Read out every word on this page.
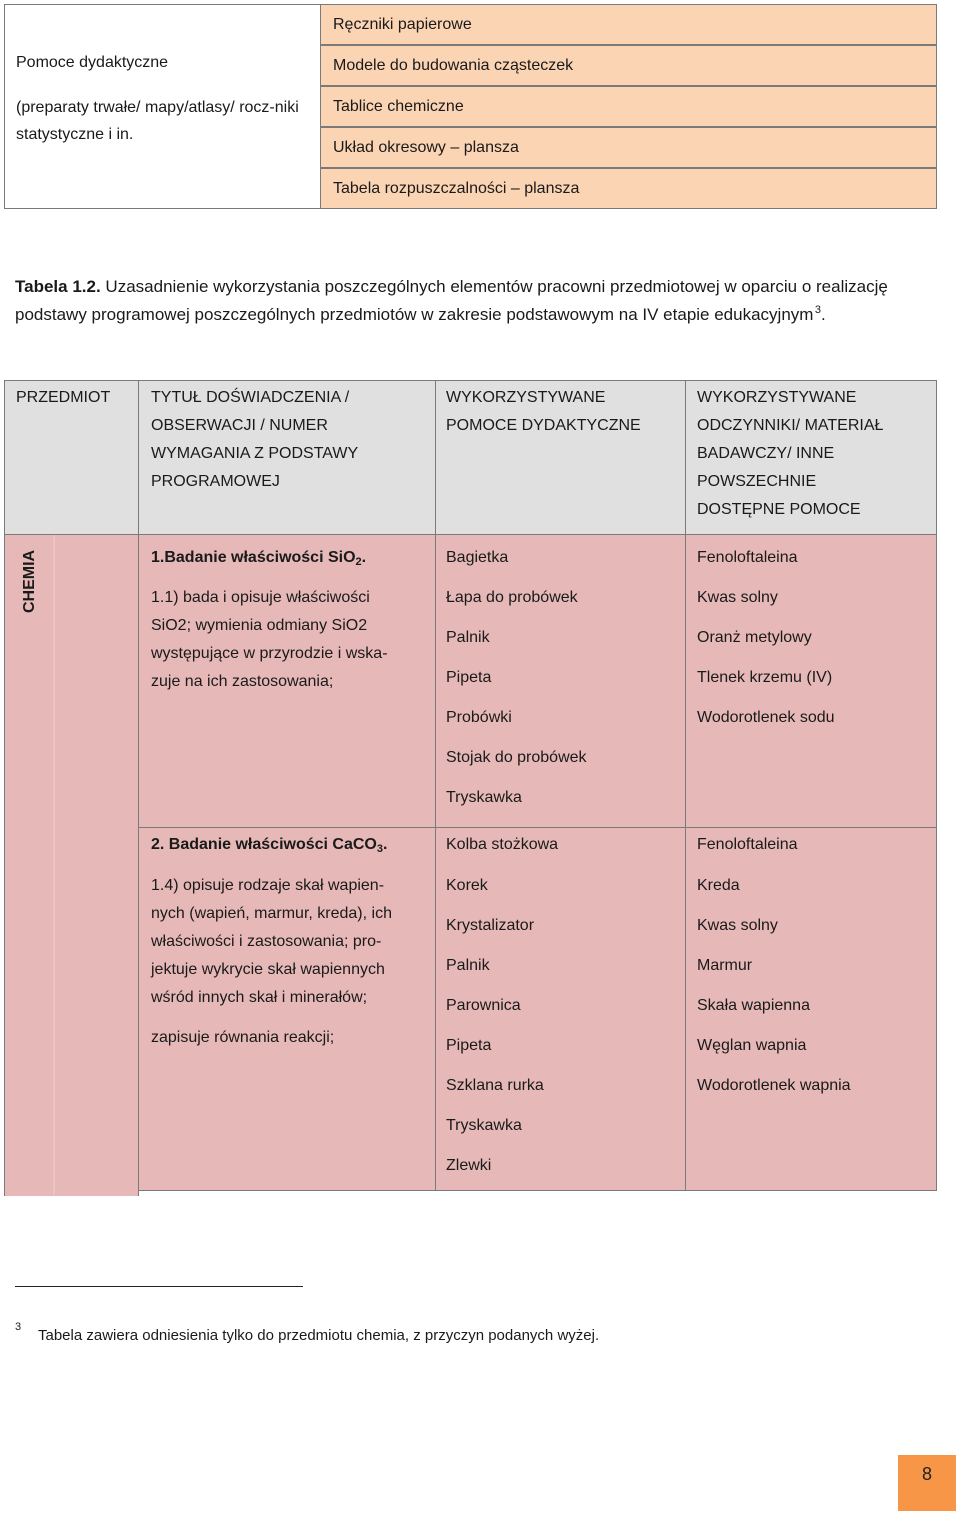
Pomoce dydaktyczne
(preparaty trwałe/ mapy/atlasy/ rocz-niki statystyczne i in.
Ręczniki papierowe
Modele do budowania cząsteczek
Tablice chemiczne
Układ okresowy – plansza
Tabela rozpuszczalności – plansza
Tabela 1.2. Uzasadnienie wykorzystania poszczególnych elementów pracowni przedmiotowej w oparciu o realizację podstawy programowej poszczególnych przedmiotów w zakresie podstawowym na IV etapie edukacyjnym $^3$.
PRZEDMIOT	TYTUŁ DOŚWIADCZENIA /
OBSERWACJI / NUMER
WYMAGANIA Z PODSTAWY
PROGRAMOWEJ
WYKORZYSTYWANE
POMOCE DYDAKTYCZNE
WYKORZYSTYWANE
ODCZYNNIKI/ MATERIAŁ
BADAWCZY/ INNE
POWSZECHNIE
DOSTĘPNE POMOCE
CHEMIA	1.Badanie właściwości SiO$_2$.
1.1) bada i opisuje właściwości
SiO2; wymienia odmiany SiO2
występujące w przyrodzie i wska-
zuje na ich zastosowania;
Bagietka
Łapa do probówek
Palnik
Pipeta
Probówki
Stojak do probówek
Tryskawka
Fenoloftaleina
Kwas solny
Oranż metylowy
Tlenek krzemu (IV)
Wodorotlenek sodu
2. Badanie właściwości CaCO$_3$.
1.4) opisuje rodzaje skał wapien-
nych (wapień, marmur, kreda), ich
właściwości i zastosowania; pro-
jektuje wykrycie skał wapiennych
wśród innych skał i minerałów;
zapisuje równania reakcji;
Kolba stożkowa
Korek
Krystalizator
Palnik
Parownica
Pipeta
Szklana rurka
Tryskawka
Zlewki
Fenoloftaleina
Kreda
Kwas solny
Marmur
Skała wapienna
Węglan wapnia
Wodorotlenek wapnia
3 Tabela zawiera odniesienia tylko do przedmiotu chemia, z przyczyn podanych wyżej.
8
